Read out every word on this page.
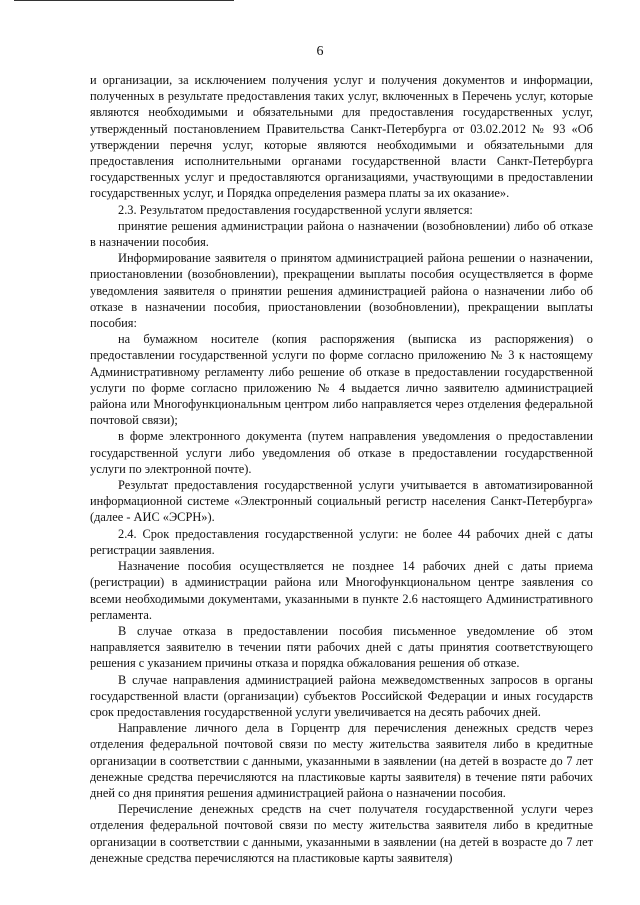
6

и организации, за исключением получения услуг и получения документов и информации, полученных в результате предоставления таких услуг, включенных в Перечень услуг, которые являются необходимыми и обязательными для предоставления государственных услуг, утвержденный постановлением Правительства Санкт-Петербурга от 03.02.2012 № 93 «Об утверждении перечня услуг, которые являются необходимыми и обязательными для предоставления исполнительными органами государственной власти Санкт-Петербурга государственных услуг и предоставляются организациями, участвующими в предоставлении государственных услуг, и Порядка определения размера платы за их оказание».

2.3. Результатом предоставления государственной услуги является:

принятие решения администрации района о назначении (возобновлении) либо об отказе в назначении пособия.

Информирование заявителя о принятом администрацией района решении о назначении, приостановлении (возобновлении), прекращении выплаты пособия осуществляется в форме уведомления заявителя о принятии решения администрацией района о назначении либо об отказе в назначении пособия, приостановлении (возобновлении), прекращении выплаты пособия:

на бумажном носителе (копия распоряжения (выписка из распоряжения) о предоставлении государственной услуги по форме согласно приложению № 3 к настоящему Административному регламенту либо решение об отказе в предоставлении государственной услуги по форме согласно приложению № 4 выдается лично заявителю администрацией района или Многофункциональным центром либо направляется через отделения федеральной почтовой связи);

в форме электронного документа (путем направления уведомления о предоставлении государственной услуги либо уведомления об отказе в предоставлении государственной услуги по электронной почте).

Результат предоставления государственной услуги учитывается в автоматизированной информационной системе «Электронный социальный регистр населения Санкт-Петербурга» (далее - АИС «ЭСРН»).

2.4. Срок предоставления государственной услуги: не более 44 рабочих дней с даты регистрации заявления.

Назначение пособия осуществляется не позднее 14 рабочих дней с даты приема (регистрации) в администрации района или Многофункциональном центре заявления со всеми необходимыми документами, указанными в пункте 2.6 настоящего Административного регламента.

В случае отказа в предоставлении пособия письменное уведомление об этом направляется заявителю в течении пяти рабочих дней с даты принятия соответствующего решения с указанием причины отказа и порядка обжалования решения об отказе.

В случае направления администрацией района межведомственных запросов в органы государственной власти (организации) субъектов Российской Федерации и иных государств срок предоставления государственной услуги увеличивается на десять рабочих дней.

Направление личного дела в Горцентр для перечисления денежных средств через отделения федеральной почтовой связи по месту жительства заявителя либо в кредитные организации в соответствии с данными, указанными в заявлении (на детей в возрасте до 7 лет денежные средства перечисляются на пластиковые карты заявителя) в течение пяти рабочих дней со дня принятия решения администрацией района о назначении пособия.

Перечисление денежных средств на счет получателя государственной услуги через отделения федеральной почтовой связи по месту жительства заявителя либо в кредитные организации в соответствии с данными, указанными в заявлении (на детей в возрасте до 7 лет денежные средства перечисляются на пластиковые карты заявителя)
